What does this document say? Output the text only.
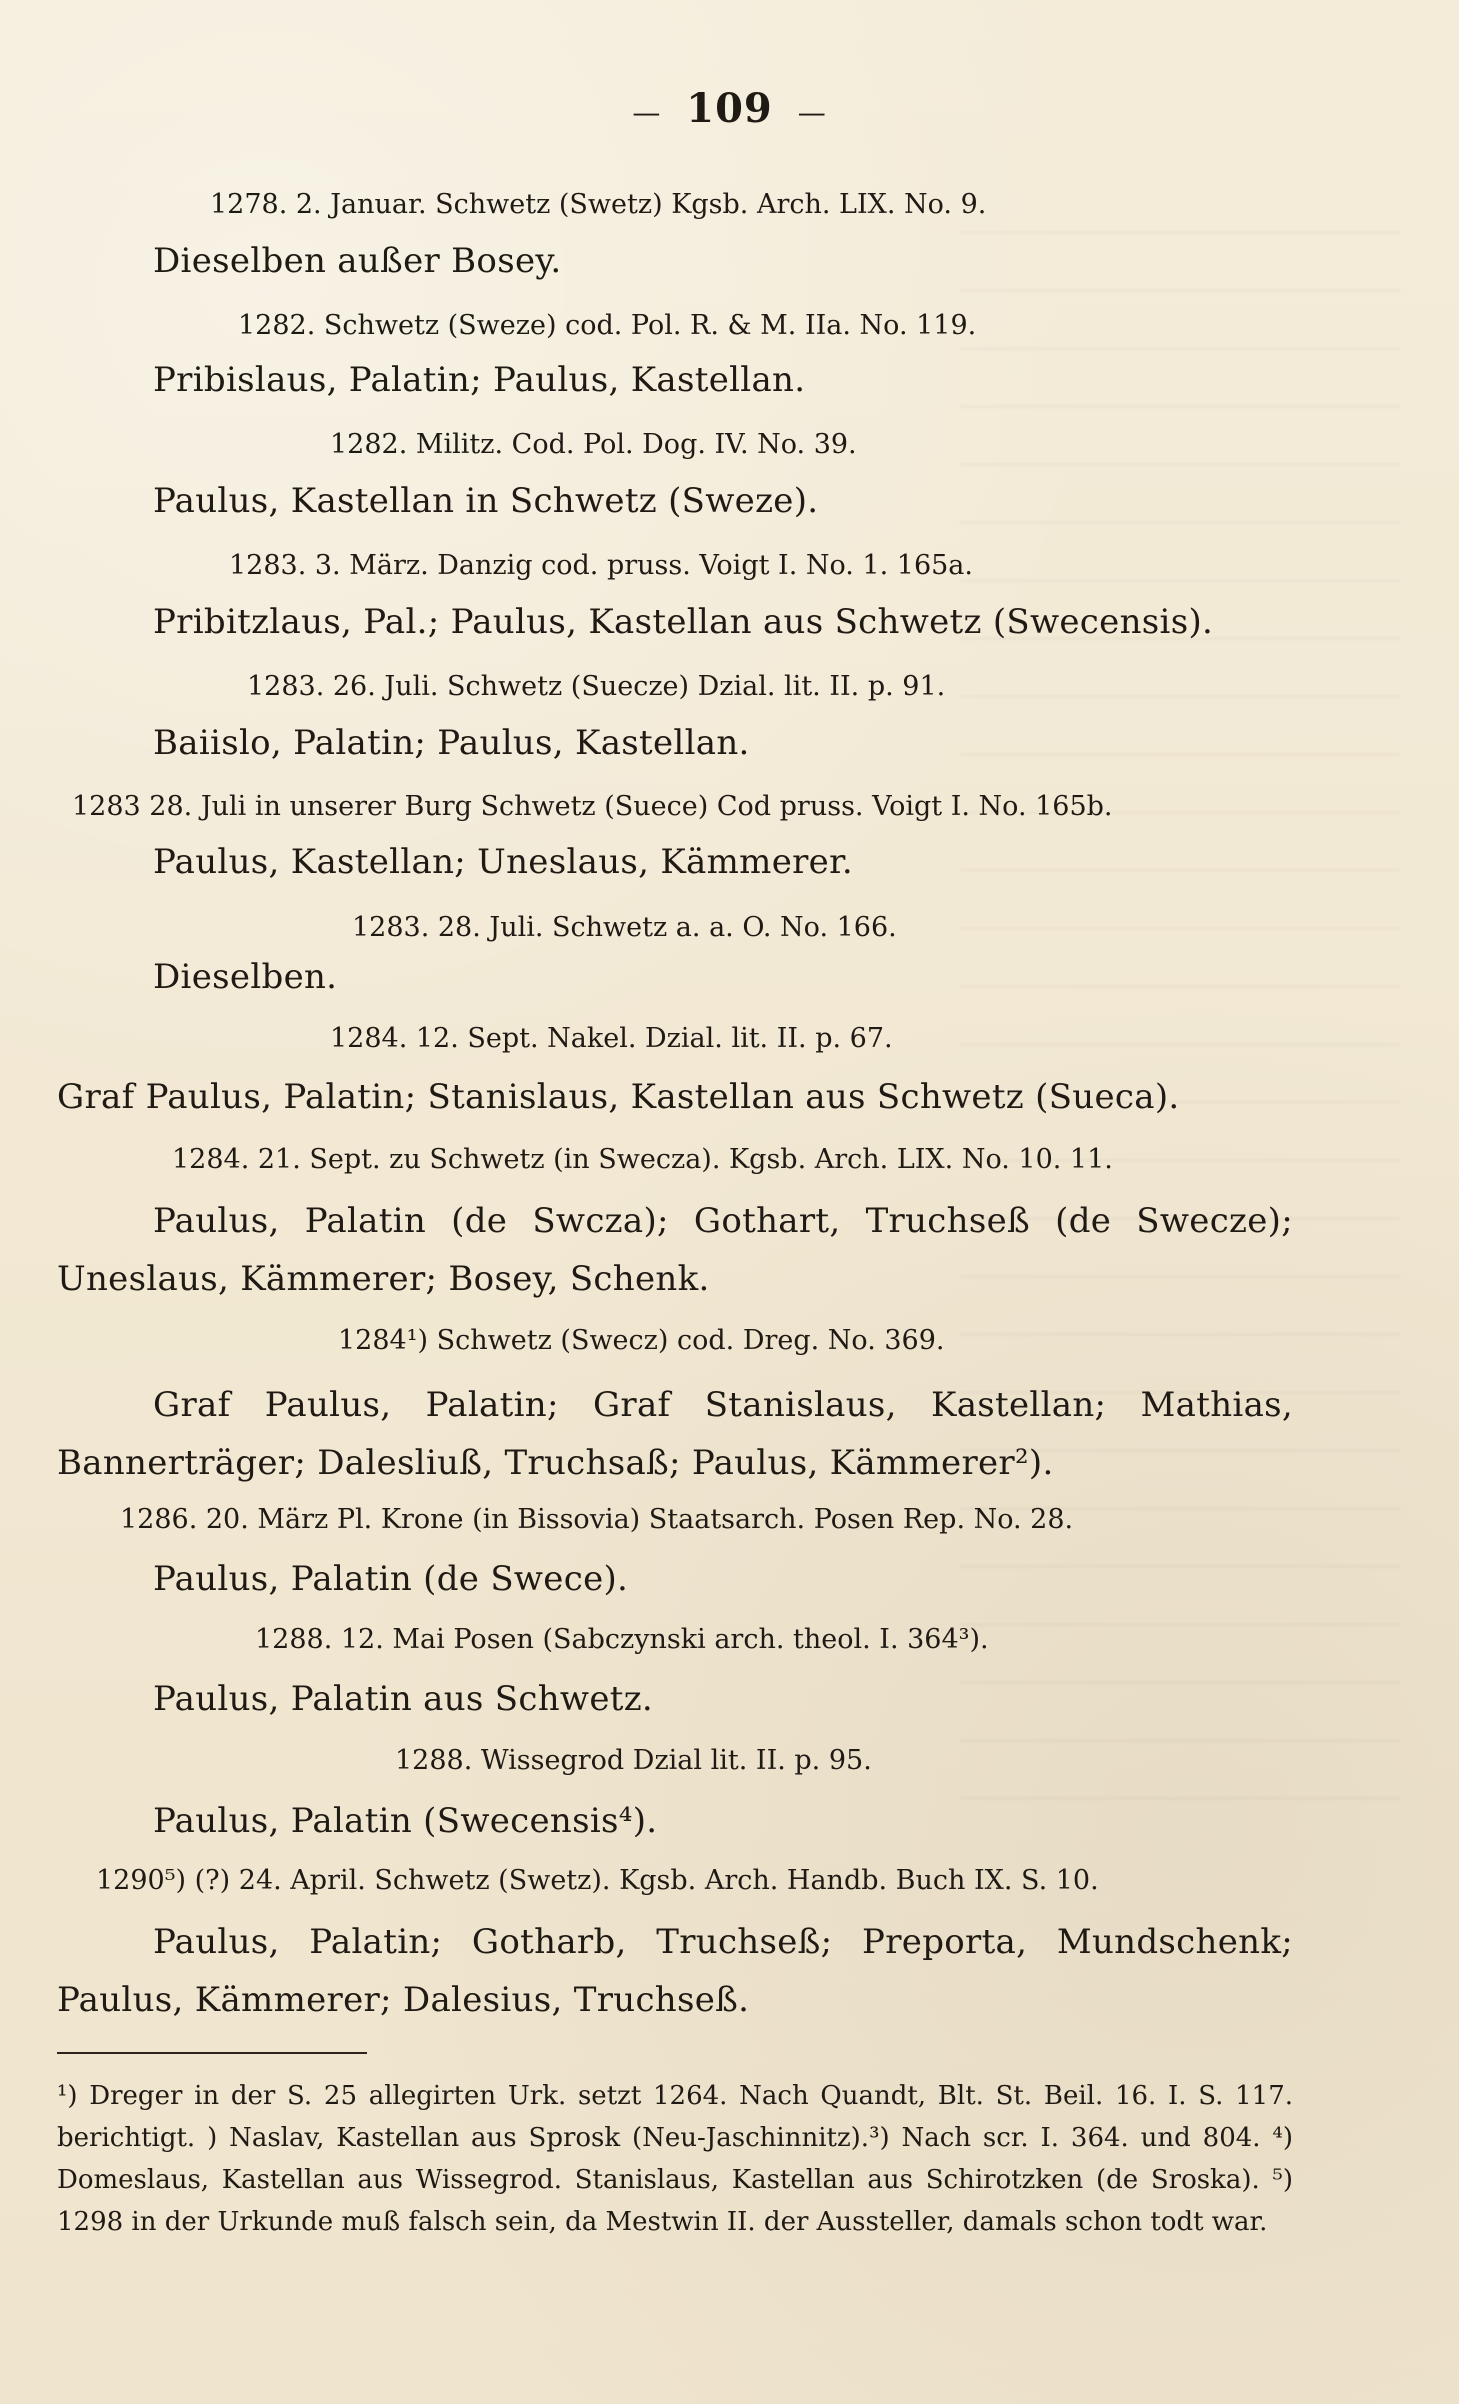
— 109 —
1278. 2. Januar. Schwetz (Swetz) Kgsb. Arch. LIX. No. 9.
Dieselben außer Bosey.
1282. Schwetz (Sweze) cod. Pol. R. & M. IIa. No. 119.
Pribislaus, Palatin; Paulus, Kastellan.
1282. Militz. Cod. Pol. Dog. IV. No. 39.
Paulus, Kastellan in Schwetz (Sweze).
1283. 3. März. Danzig cod. pruss. Voigt I. No. 1. 165a.
Pribitzlaus, Pal.; Paulus, Kastellan aus Schwetz (Swecensis).
1283. 26. Juli. Schwetz (Suecze) Dzial. lit. II. p. 91.
Baiislo, Palatin; Paulus, Kastellan.
1283 28. Juli in unserer Burg Schwetz (Suece) Cod pruss. Voigt I. No. 165b.
Paulus, Kastellan; Uneslaus, Kämmerer.
1283. 28. Juli. Schwetz a. a. O. No. 166.
Dieselben.
1284. 12. Sept. Nakel. Dzial. lit. II. p. 67.
Graf Paulus, Palatin; Stanislaus, Kastellan aus Schwetz (Sueca).
1284. 21. Sept. zu Schwetz (in Swecza). Kgsb. Arch. LIX. No. 10. 11.
Paulus, Palatin (de Swcza); Gothart, Truchseß (de Swecze); Uneslaus, Kämmerer; Bosey, Schenk.
1284¹) Schwetz (Swecz) cod. Dreg. No. 369.
Graf Paulus, Palatin; Graf Stanislaus, Kastellan; Mathias, Bannerträger; Dalesliuß, Truchsaß; Paulus, Kämmerer²).
1286. 20. März Pl. Krone (in Bissovia) Staatsarch. Posen Rep. No. 28.
Paulus, Palatin (de Swece).
1288. 12. Mai Posen (Sabczynski arch. theol. I. 364³).
Paulus, Palatin aus Schwetz.
1288. Wissegrod Dzial lit. II. p. 95.
Paulus, Palatin (Swecensis⁴).
1290⁵) (?) 24. April. Schwetz (Swetz). Kgsb. Arch. Handb. Buch IX. S. 10.
Paulus, Palatin; Gotharb, Truchseß; Preporta, Mundschenk; Paulus, Kämmerer; Dalesius, Truchseß.

¹) Dreger in der S. 25 allegirten Urk. setzt 1264. Nach Quandt, Blt. St. Beil. 16. I. S. 117. berichtigt. ) Naslav, Kastellan aus Sprosk (Neu-Jaschinnitz).³) Nach scr. I. 364. und 804. ⁴) Domeslaus, Kastellan aus Wissegrod. Stanislaus, Kastellan aus Schirotzken (de Sroska). ⁵) 1298 in der Urkunde muß falsch sein, da Mestwin II. der Aussteller, damals schon todt war.
